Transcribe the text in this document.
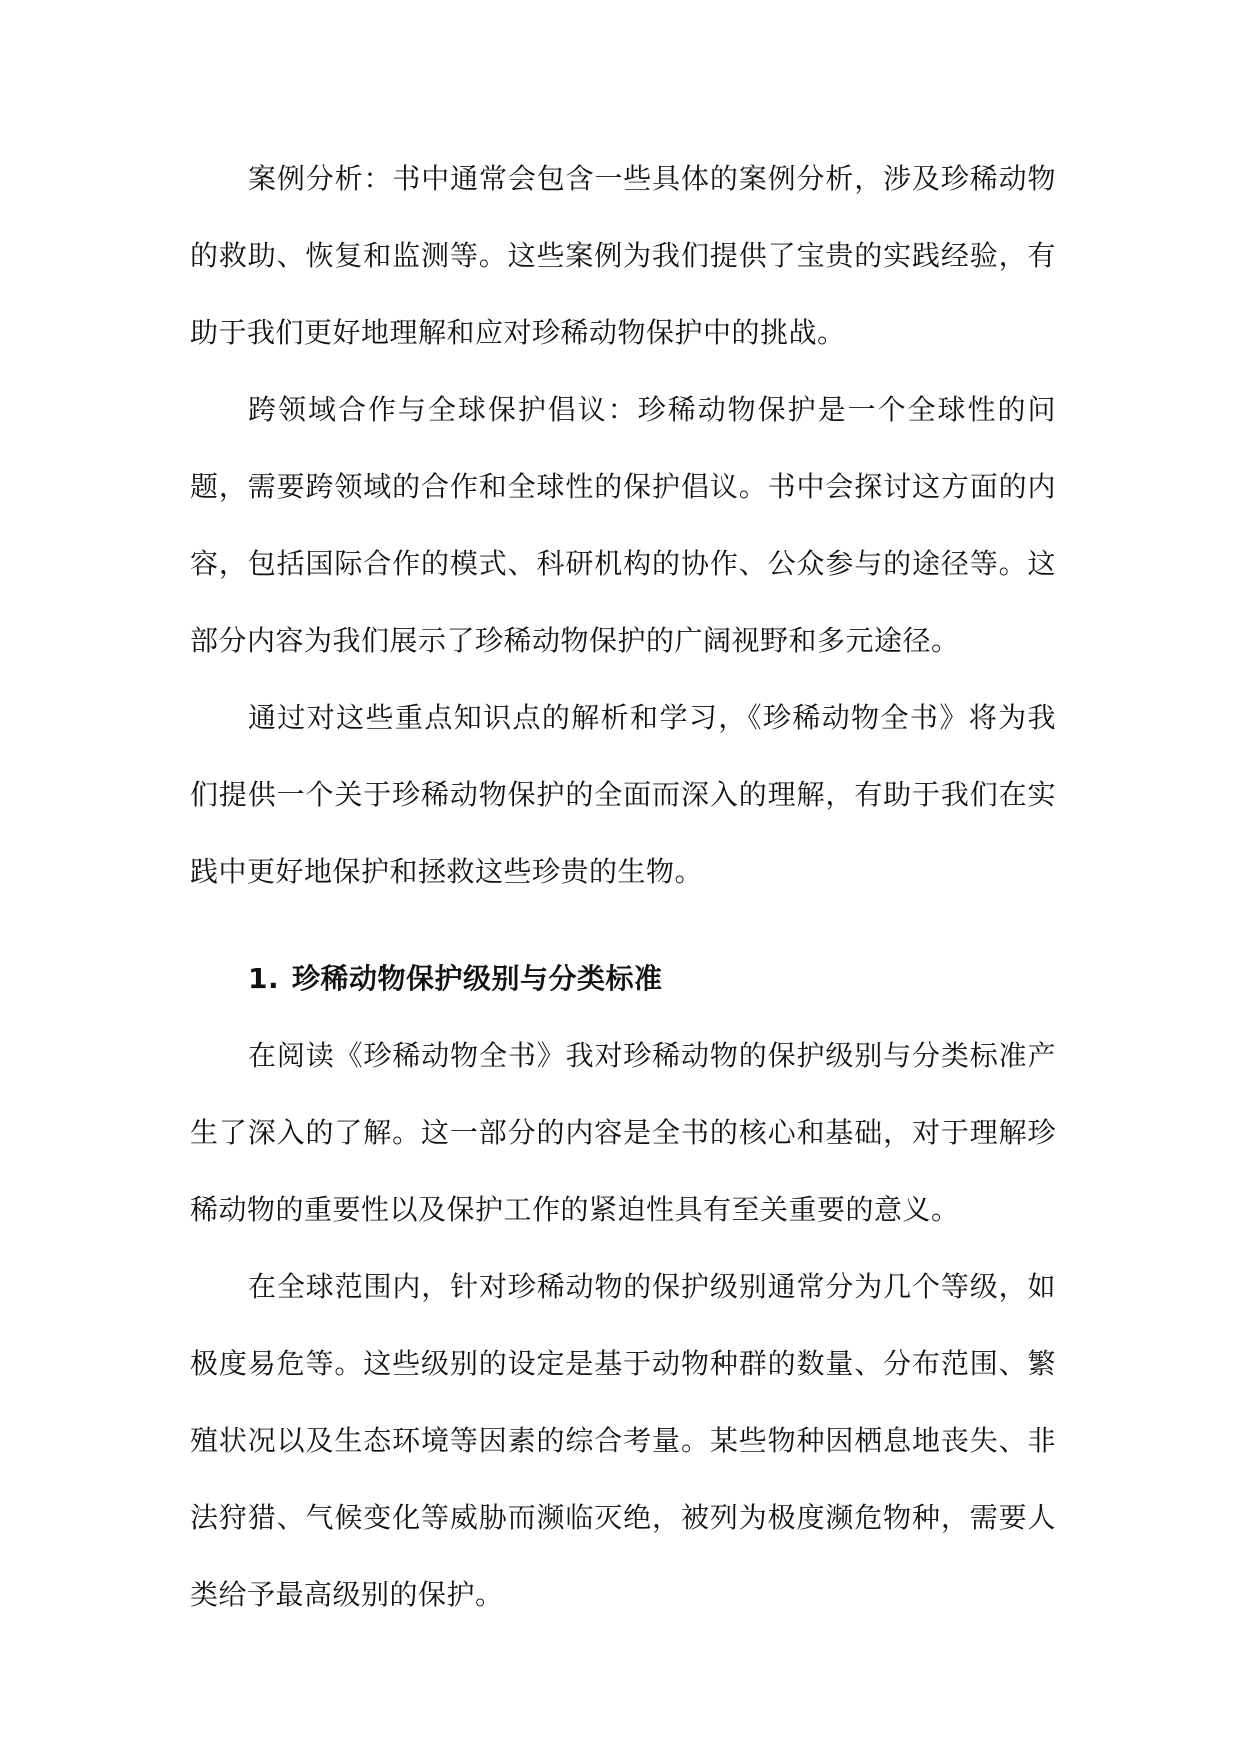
案例分析：书中通常会包含一些具体的案例分析，涉及珍稀动物的救助、恢复和监测等。这些案例为我们提供了宝贵的实践经验，有助于我们更好地理解和应对珍稀动物保护中的挑战。

跨领域合作与全球保护倡议：珍稀动物保护是一个全球性的问题，需要跨领域的合作和全球性的保护倡议。书中会探讨这方面的内容，包括国际合作的模式、科研机构的协作、公众参与的途径等。这部分内容为我们展示了珍稀动物保护的广阔视野和多元途径。

通过对这些重点知识点的解析和学习，《珍稀动物全书》将为我们提供一个关于珍稀动物保护的全面而深入的理解，有助于我们在实践中更好地保护和拯救这些珍贵的生物。

1. 珍稀动物保护级别与分类标准

在阅读《珍稀动物全书》我对珍稀动物的保护级别与分类标准产生了深入的了解。这一部分的内容是全书的核心和基础，对于理解珍稀动物的重要性以及保护工作的紧迫性具有至关重要的意义。

在全球范围内，针对珍稀动物的保护级别通常分为几个等级，如极度易危等。这些级别的设定是基于动物种群的数量、分布范围、繁殖状况以及生态环境等因素的综合考量。某些物种因栖息地丧失、非法狩猎、气候变化等威胁而濒临灭绝，被列为极度濒危物种，需要人类给予最高级别的保护。
